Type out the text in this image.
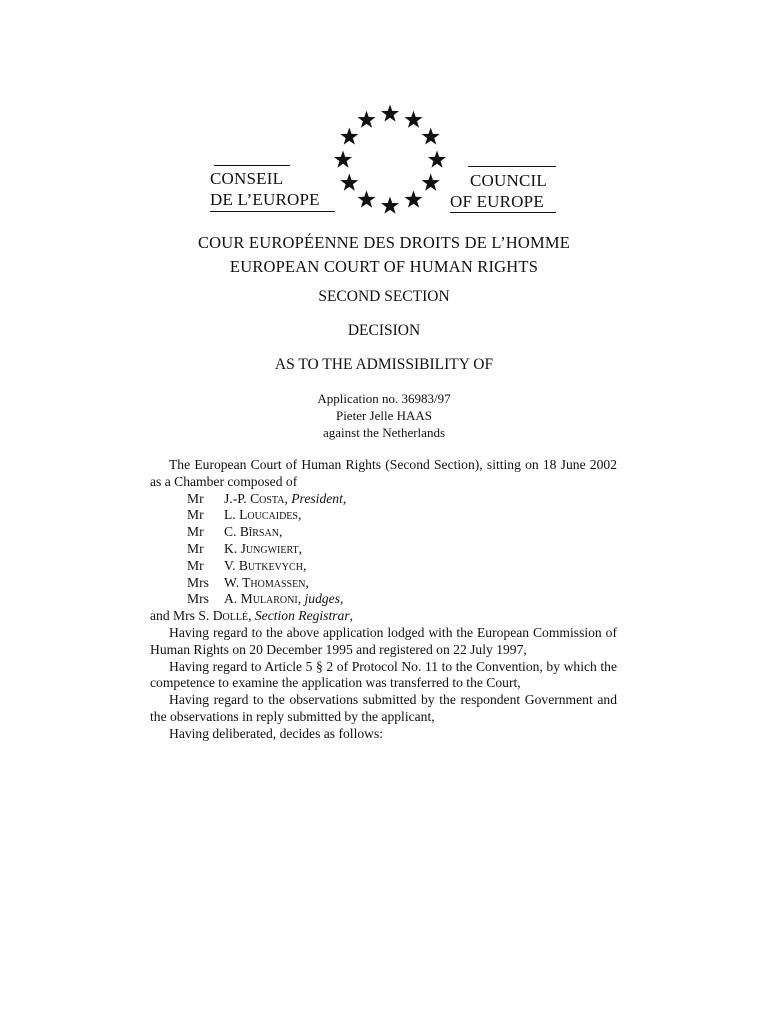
CONSEIL
DE L’EUROPE
COUNCIL
OF EUROPE
COUR EUROPÉENNE DES DROITS DE L’HOMME
EUROPEAN COURT OF HUMAN RIGHTS
SECOND SECTION
DECISION
AS TO THE ADMISSIBILITY OF
Application no. 36983/97
Pieter Jelle HAAS
against the Netherlands

The European Court of Human Rights (Second Section), sitting on 18 June 2002 as a Chamber composed of

Mr	J.-P. Costa, President,
Mr	L. Loucaides,
Mr	C. Bîrsan,
Mr	K. Jungwiert,
Mr	V. Butkevych,
Mrs	W. Thomassen,
Mrs	A. Mularoni, judges,

and Mrs S. Dollé, Section Registrar,

Having regard to the above application lodged with the European Commission of Human Rights on 20 December 1995 and registered on 22 July 1997,

Having regard to Article 5 § 2 of Protocol No. 11 to the Convention, by which the competence to examine the application was transferred to the Court,

Having regard to the observations submitted by the respondent Government and the observations in reply submitted by the applicant,

Having deliberated, decides as follows:
